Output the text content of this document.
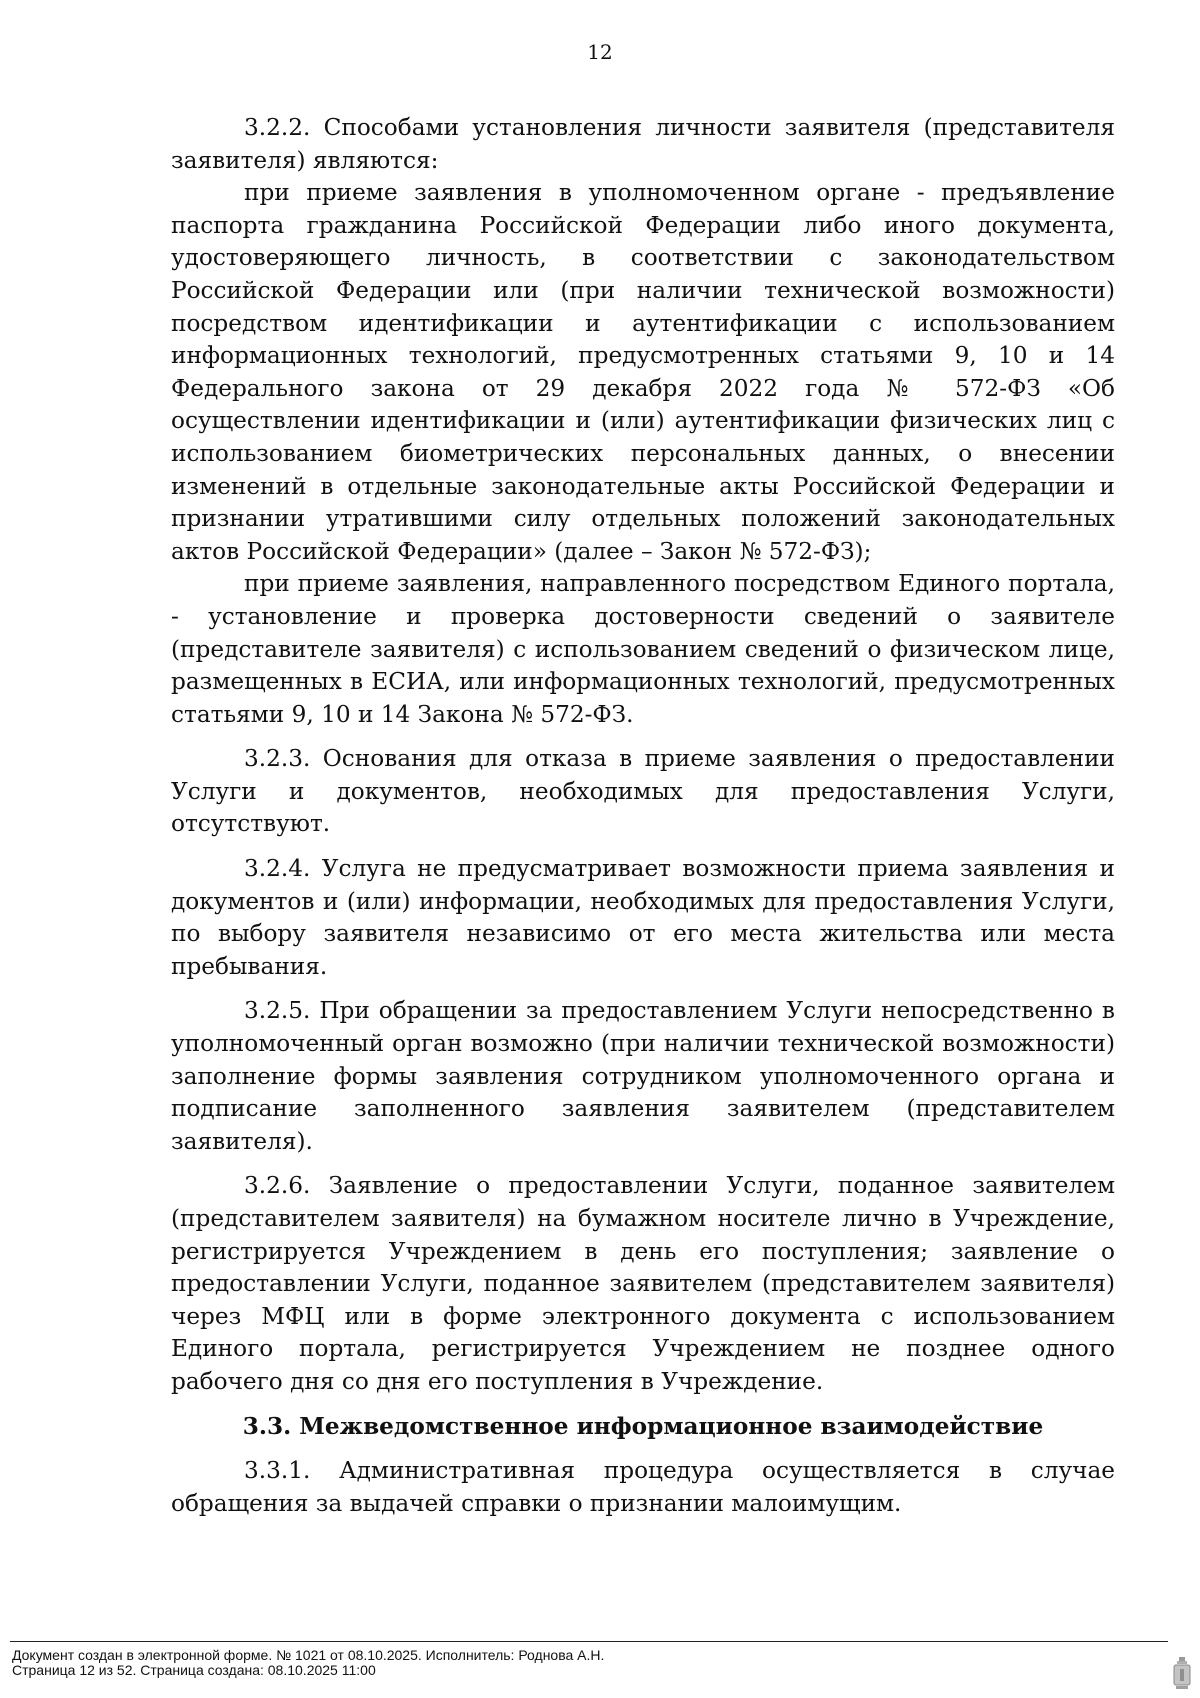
12

3.2.2. Способами установления личности заявителя (представителя заявителя) являются:

при приеме заявления в уполномоченном органе - предъявление паспорта гражданина Российской Федерации либо иного документа, удостоверяющего личность, в соответствии с законодательством Российской Федерации или (при наличии технической возможности) посредством идентификации и аутентификации с использованием информационных технологий, предусмотренных статьями 9, 10 и 14 Федерального закона от 29 декабря 2022 года № 572-ФЗ «Об осуществлении идентификации и (или) аутентификации физических лиц с использованием биометрических персональных данных, о внесении изменений в отдельные законодательные акты Российской Федерации и признании утратившими силу отдельных положений законодательных актов Российской Федерации» (далее – Закон № 572-ФЗ);

при приеме заявления, направленного посредством Единого портала, - установление и проверка достоверности сведений о заявителе (представителе заявителя) с использованием сведений о физическом лице, размещенных в ЕСИА, или информационных технологий, предусмотренных статьями 9, 10 и 14 Закона № 572-ФЗ.

3.2.3. Основания для отказа в приеме заявления о предоставлении Услуги и документов, необходимых для предоставления Услуги, отсутствуют.

3.2.4. Услуга не предусматривает возможности приема заявления и документов и (или) информации, необходимых для предоставления Услуги, по выбору заявителя независимо от его места жительства или места пребывания.

3.2.5. При обращении за предоставлением Услуги непосредственно в уполномоченный орган возможно (при наличии технической возможности) заполнение формы заявления сотрудником уполномоченного органа и подписание заполненного заявления заявителем (представителем заявителя).

3.2.6. Заявление о предоставлении Услуги, поданное заявителем (представителем заявителя) на бумажном носителе лично в Учреждение, регистрируется Учреждением в день его поступления; заявление о предоставлении Услуги, поданное заявителем (представителем заявителя) через МФЦ или в форме электронного документа с использованием Единого портала, регистрируется Учреждением не позднее одного рабочего дня со дня его поступления в Учреждение.

3.3. Межведомственное информационное взаимодействие

3.3.1. Административная процедура осуществляется в случае обращения за выдачей справки о признании малоимущим.

Документ создан в электронной форме. № 1021 от 08.10.2025. Исполнитель: Роднова А.Н.
Страница 12 из 52. Страница создана: 08.10.2025 11:00
